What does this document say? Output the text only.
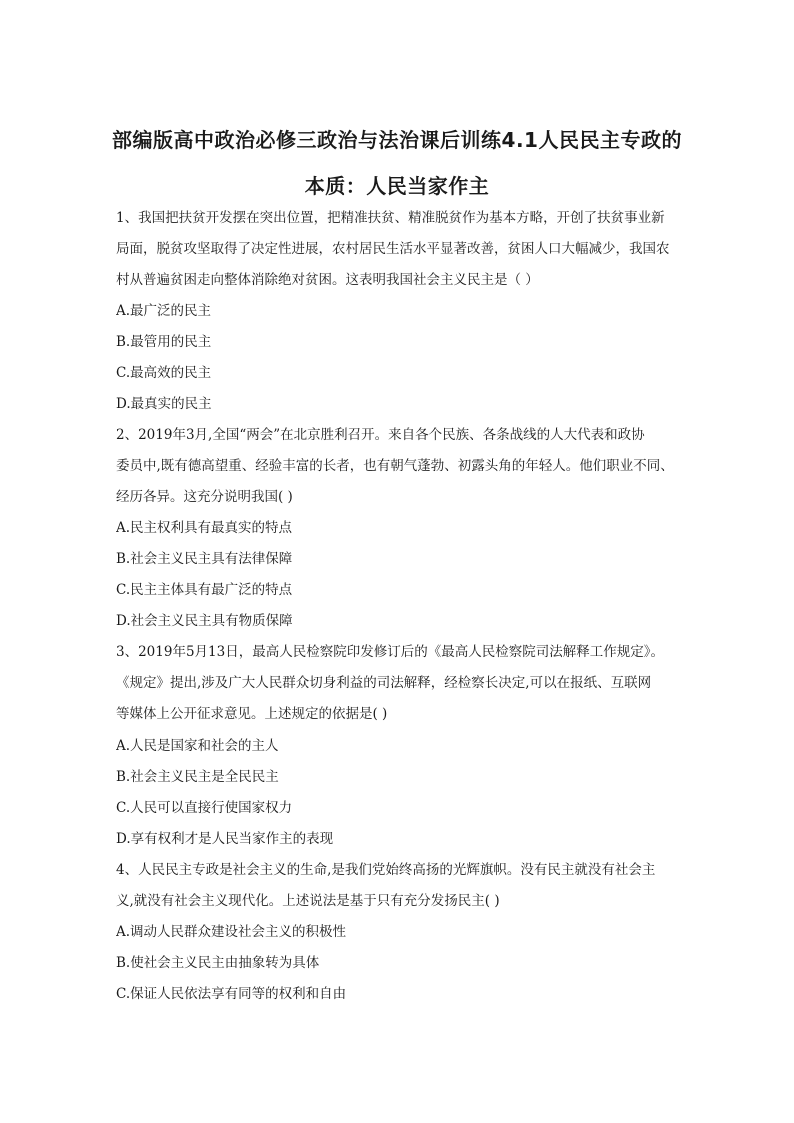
部编版高中政治必修三政治与法治课后训练4.1人民民主专政的
本质：人民当家作主
1、我国把扶贫开发摆在突出位置，把精准扶贫、精准脱贫作为基本方略，开创了扶贫事业新
局面，脱贫攻坚取得了决定性进展，农村居民生活水平显著改善，贫困人口大幅减少，我国农
村从普遍贫困走向整体消除绝对贫困。这表明我国社会主义民主是（ ）
A.最广泛的民主
B.最管用的民主
C.最高效的民主
D.最真实的民主
2、2019年3月,全国“两会”在北京胜利召开。来自各个民族、各条战线的人大代表和政协
委员中,既有德高望重、经验丰富的长者，也有朝气蓬勃、初露头角的年轻人。他们职业不同、
经历各异。这充分说明我国( )
A.民主权利具有最真实的特点
B.社会主义民主具有法律保障
C.民主主体具有最广泛的特点
D.社会主义民主具有物质保障
3、2019年5月13日，最高人民检察院印发修订后的《最高人民检察院司法解释工作规定》。
《规定》提出,涉及广大人民群众切身利益的司法解释，经检察长决定,可以在报纸、互联网
等媒体上公开征求意见。上述规定的依据是( )
A.人民是国家和社会的主人
B.社会主义民主是全民民主
C.人民可以直接行使国家权力
D.享有权利才是人民当家作主的表现
4、人民民主专政是社会主义的生命,是我们党始终高扬的光辉旗帜。没有民主就没有社会主
义,就没有社会主义现代化。上述说法是基于只有充分发扬民主( )
A.调动人民群众建设社会主义的积极性
B.使社会主义民主由抽象转为具体
C.保证人民依法享有同等的权利和自由
